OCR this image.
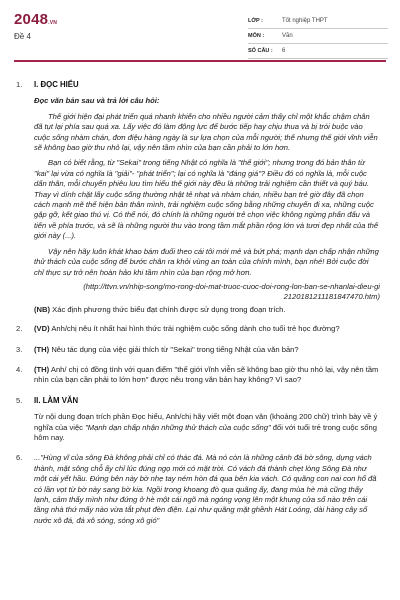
2048.VN
Đề 4
LỚP :	Tốt nghiệp THPT
MÔN :	Văn
SỐ CÂU :	6
1.	I. ĐỌC HIỂU
Đọc văn bản sau và trả lời câu hỏi:

Thế giới hiện đại phát triển quá nhanh khiến cho nhiều người cảm thấy chỉ một khắc chậm chân đã tụt lại phía sau quá xa. Lấy việc đó làm động lực để bước tiếp hay chịu thua và bị trói buộc vào cuộc sống nhàm chán, đơn điệu hàng ngày là sự lựa chọn của mỗi người; thế nhưng thế giới vĩnh viễn sẽ không bao giờ thu nhỏ lại, vậy nên tầm nhìn của bạn cần phải to lớn hơn.

Bạn có biết rằng, từ "Sekai" trong tiếng Nhật có nghĩa là "thế giới"; nhưng trong đó bản thân từ "kai" lại vừa có nghĩa là "giải"- "phát triển"; lại có nghĩa là "đáng giá"? Điều đó có nghĩa là, mỗi cuộc dấn thân, mỗi chuyến phiêu lưu tìm hiểu thế giới này đều là những trải nghiệm cần thiết và quý báu. Thay vì dính chặt lấy cuộc sống thường nhật tẻ nhạt và nhàm chán, nhiều bạn trẻ giờ đây đã chọn cách mạnh mẽ thể hiện bản thân mình, trải nghiệm cuộc sống bằng những chuyến đi xa, những cuộc gặp gỡ, kết giao thú vị. Có thể nói, đó chính là những người trẻ chọn việc không ngừng phấn đấu và tiến về phía trước, và sẽ là những người thu vào trong tầm mắt phần rộng lớn và tươi đẹp nhất của thế giới này (...).

Vậy nên hãy luôn khát khao bám đuổi theo cái tôi mới mẻ và bứt phá; mạnh dạn chấp nhận những thử thách của cuộc sống để bước chân ra khỏi vùng an toàn của chính mình, bạn nhé! Bởi cuộc đời chỉ thực sự trở nên hoàn hảo khi tầm nhìn của bạn rộng mở hơn.

(http://ttvn.vn/nhip-song/mo-rong-doi-mat-truoc-cuoc-doi-rong-lon-ban-se-nhanlai-dieu-gi 2120181211181847470.htm)
(NB) Xác định phương thức biểu đạt chính được sử dụng trong đoạn trích.
2.	(VD) Anh/chị nêu ít nhất hai hình thức trải nghiệm cuộc sống dành cho tuổi trẻ học đường?
3.	(TH) Nêu tác dụng của việc giải thích từ "Sekai" trong tiếng Nhật của văn bản?
4.	(TH) Anh/ chị có đồng tình với quan điểm "thế giới vĩnh viễn sẽ không bao giờ thu nhỏ lại, vậy nên tầm nhìn của bạn cần phải to lớn hơn" được nêu trong văn bản hay không? Vì sao?
5.	II. LÀM VĂN
Từ nội dung đoạn trích phần Đọc hiểu, Anh/chị hãy viết một đoạn văn (khoảng 200 chữ) trình bày về ý nghĩa của việc "Mạnh dạn chấp nhận những thử thách của cuộc sống" đối với tuổi trẻ trong cuộc sống hôm nay.
6.	..."Hùng vĩ của sông Đà không phải chỉ có thác đá. Mà nó còn là những cảnh đá bờ sông, dựng vách thành, mặt sông chỗ ấy chỉ lúc đúng ngọ mới có mặt trời. Có vách đá thành chẹt lòng Sông Đà như một cái yết hầu. Đứng bên này bờ nhẹ tay ném hòn đá qua bên kia vách. Có quãng con nai con hổ đã có lần vọt từ bờ này sang bờ kia. Ngồi trong khoang đò qua quãng ấy, đang mùa hè mà cũng thấy lạnh, cảm thấy mình như đứng ở hè một cái ngõ mà ngóng vọng lên một khung cửa sổ nào trên cái tầng nhà thứ mấy nào vừa tắt phụt đèn điện. Lại như quãng mặt ghềnh Hát Loóng, dài hàng cây số nước xô đá, đá xô sóng, sóng xô gió"
